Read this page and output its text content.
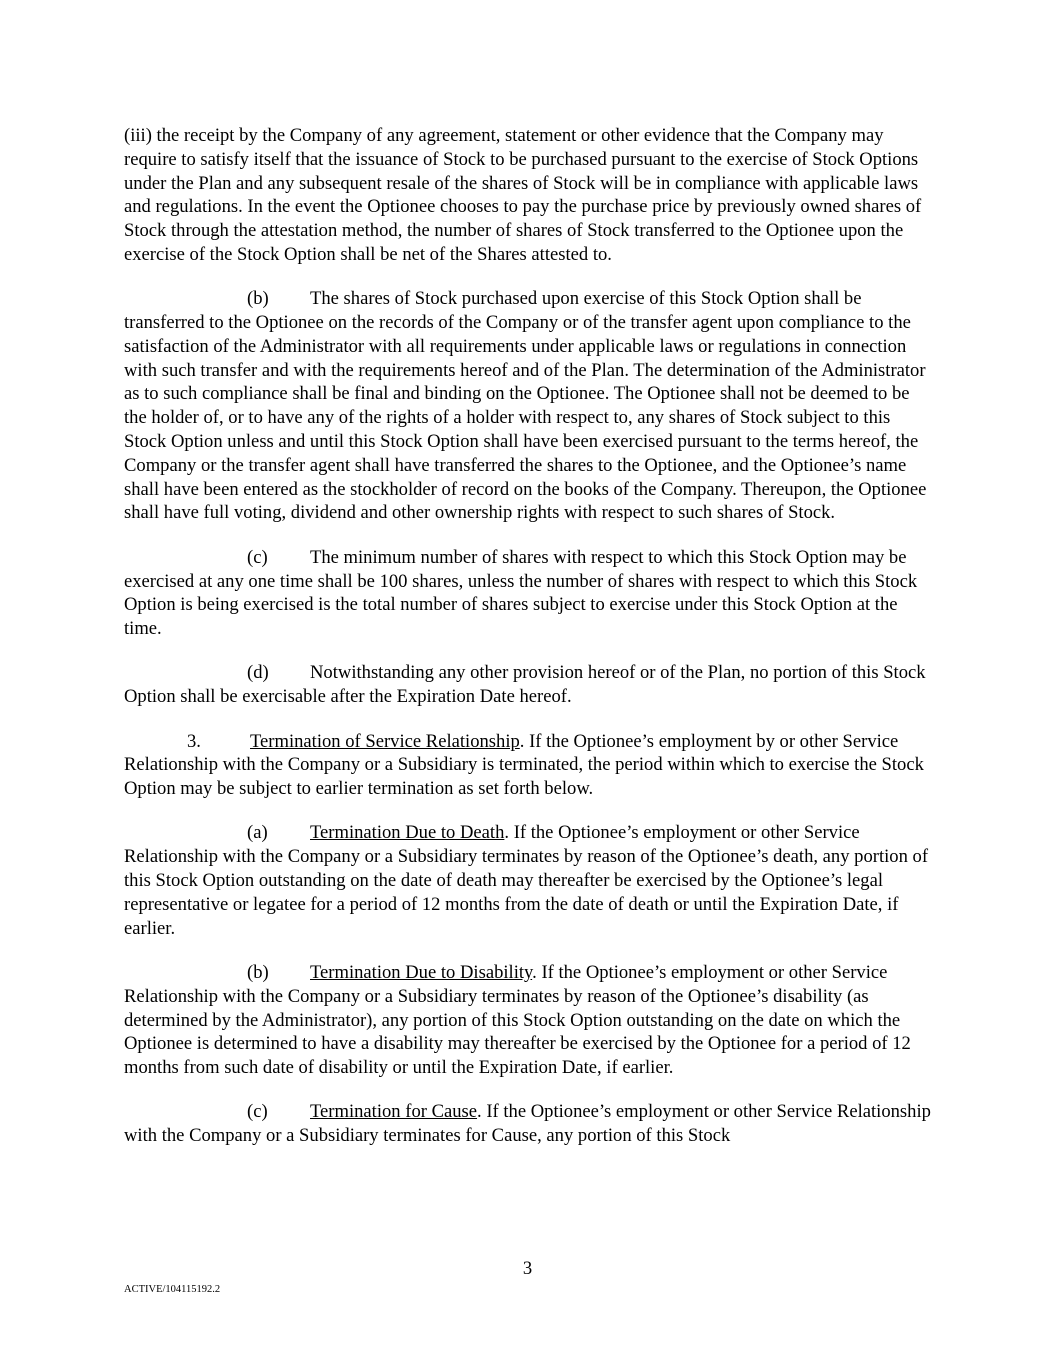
(iii) the receipt by the Company of any agreement, statement or other evidence that the Company may require to satisfy itself that the issuance of Stock to be purchased pursuant to the exercise of Stock Options under the Plan and any subsequent resale of the shares of Stock will be in compliance with applicable laws and regulations. In the event the Optionee chooses to pay the purchase price by previously owned shares of Stock through the attestation method, the number of shares of Stock transferred to the Optionee upon the exercise of the Stock Option shall be net of the Shares attested to.

(b) The shares of Stock purchased upon exercise of this Stock Option shall be transferred to the Optionee on the records of the Company or of the transfer agent upon compliance to the satisfaction of the Administrator with all requirements under applicable laws or regulations in connection with such transfer and with the requirements hereof and of the Plan. The determination of the Administrator as to such compliance shall be final and binding on the Optionee. The Optionee shall not be deemed to be the holder of, or to have any of the rights of a holder with respect to, any shares of Stock subject to this Stock Option unless and until this Stock Option shall have been exercised pursuant to the terms hereof, the Company or the transfer agent shall have transferred the shares to the Optionee, and the Optionee’s name shall have been entered as the stockholder of record on the books of the Company. Thereupon, the Optionee shall have full voting, dividend and other ownership rights with respect to such shares of Stock.

(c) The minimum number of shares with respect to which this Stock Option may be exercised at any one time shall be 100 shares, unless the number of shares with respect to which this Stock Option is being exercised is the total number of shares subject to exercise under this Stock Option at the time.

(d) Notwithstanding any other provision hereof or of the Plan, no portion of this Stock Option shall be exercisable after the Expiration Date hereof.

3.	Termination of Service Relationship. If the Optionee’s employment by or other Service Relationship with the Company or a Subsidiary is terminated, the period within which to exercise the Stock Option may be subject to earlier termination as set forth below.

(a) Termination Due to Death. If the Optionee’s employment or other Service Relationship with the Company or a Subsidiary terminates by reason of the Optionee’s death, any portion of this Stock Option outstanding on the date of death may thereafter be exercised by the Optionee’s legal representative or legatee for a period of 12 months from the date of death or until the Expiration Date, if earlier.

(b) Termination Due to Disability. If the Optionee’s employment or other Service Relationship with the Company or a Subsidiary terminates by reason of the Optionee’s disability (as determined by the Administrator), any portion of this Stock Option outstanding on the date on which the Optionee is determined to have a disability may thereafter be exercised by the Optionee for a period of 12 months from such date of disability or until the Expiration Date, if earlier.

(c) Termination for Cause. If the Optionee’s employment or other Service Relationship with the Company or a Subsidiary terminates for Cause, any portion of this Stock

3
ACTIVE/104115192.2
